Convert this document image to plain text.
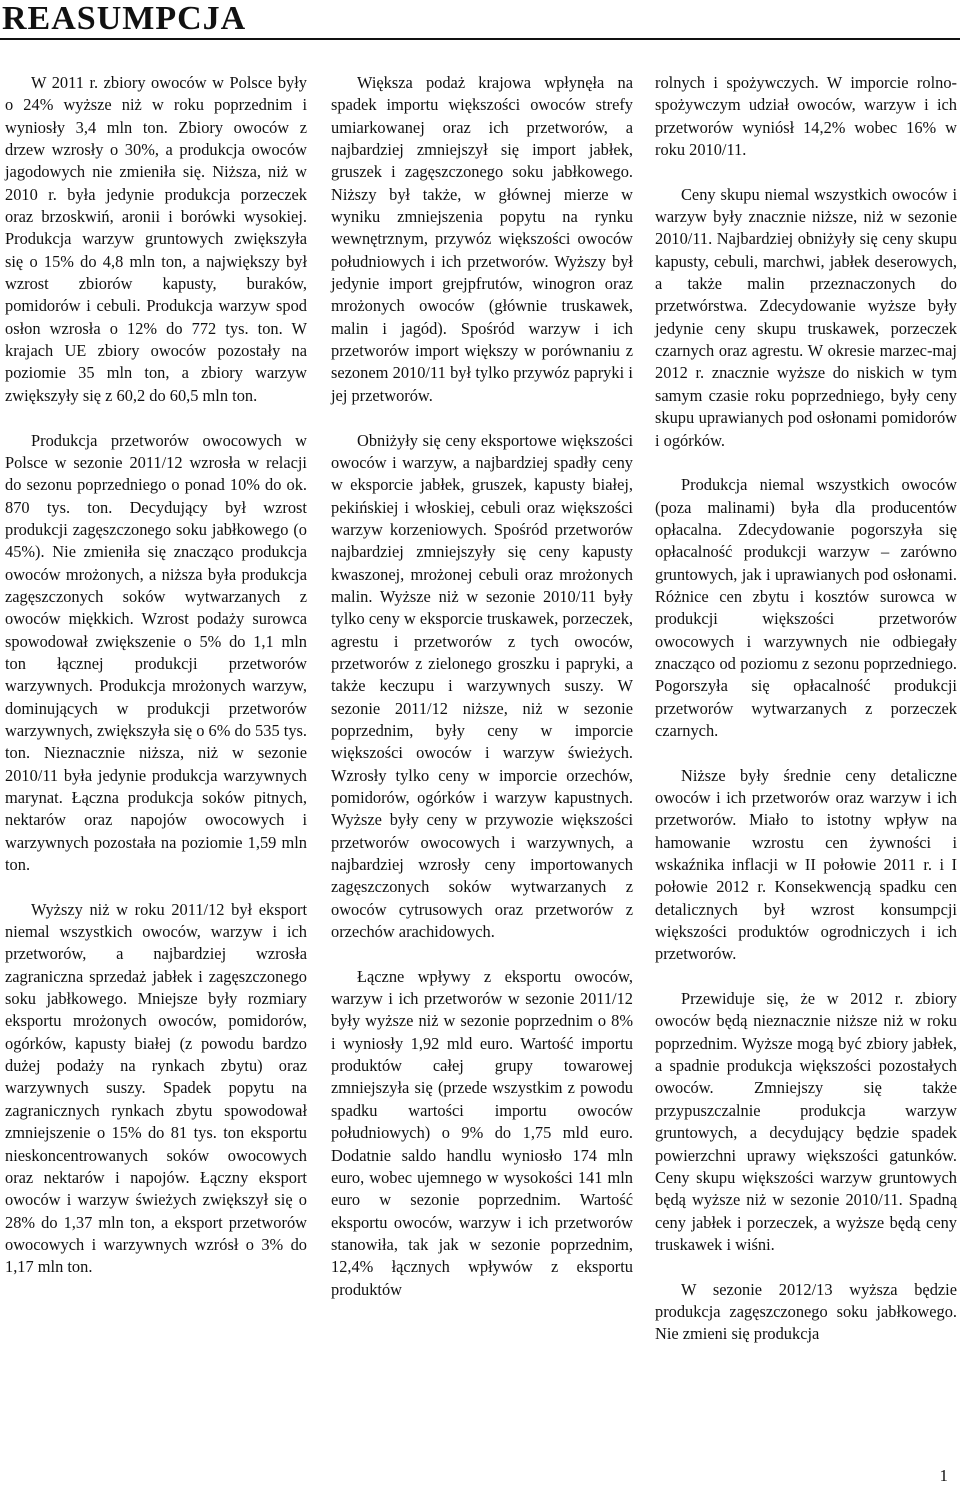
REASUMPCJA

W 2011 r. zbiory owoców w Polsce były o 24% wyższe niż w roku poprzednim i wyniosły 3,4 mln ton. Zbiory owoców z drzew wzrosły o 30%, a produkcja owoców jagodowych nie zmieniła się. Niższa, niż w 2010 r. była jedynie produkcja porzeczek oraz brzoskwiń, aronii i borówki wysokiej. Produkcja warzyw gruntowych zwiększyła się o 15% do 4,8 mln ton, a największy był wzrost zbiorów kapusty, buraków, pomidorów i cebuli. Produkcja warzyw spod osłon wzrosła o 12% do 772 tys. ton. W krajach UE zbiory owoców pozostały na poziomie 35 mln ton, a zbiory warzyw zwiększyły się z 60,2 do 60,5 mln ton.

Produkcja przetworów owocowych w Polsce w sezonie 2011/12 wzrosła w relacji do sezonu poprzedniego o ponad 10% do ok. 870 tys. ton. Decydujący był wzrost produkcji zagęszczonego soku jabłkowego (o 45%). Nie zmieniła się znacząco produkcja owoców mrożonych, a niższa była produkcja zagęszczonych soków wytwarzanych z owoców miękkich. Wzrost podaży surowca spowodował zwiększenie o 5% do 1,1 mln ton łącznej produkcji przetworów warzywnych. Produkcja mrożonych warzyw, dominujących w produkcji przetworów warzywnych, zwiększyła się o 6% do 535 tys. ton. Nieznacznie niższa, niż w sezonie 2010/11 była jedynie produkcja warzywnych marynat. Łączna produkcja soków pitnych, nektarów oraz napojów owocowych i warzywnych pozostała na poziomie 1,59 mln ton.

Wyższy niż w roku 2011/12 był eksport niemal wszystkich owoców, warzyw i ich przetworów, a najbardziej wzrosła zagraniczna sprzedaż jabłek i zagęszczonego soku jabłkowego. Mniejsze były rozmiary eksportu mrożonych owoców, pomidorów, ogórków, kapusty białej (z powodu bardzo dużej podaży na rynkach zbytu) oraz warzywnych suszy. Spadek popytu na zagranicznych rynkach zbytu spowodował zmniejszenie o 15% do 81 tys. ton eksportu nieskoncentrowanych soków owocowych oraz nektarów i napojów. Łączny eksport owoców i warzyw świeżych zwiększył się o 28% do 1,37 mln ton, a eksport przetworów owocowych i warzywnych wzrósł o 3% do 1,17 mln ton.

Większa podaż krajowa wpłynęła na spadek importu większości owoców strefy umiarkowanej oraz ich przetworów, a najbardziej zmniejszył się import jabłek, gruszek i zagęszczonego soku jabłkowego. Niższy był także, w głównej mierze w wyniku zmniejszenia popytu na rynku wewnętrznym, przywóz większości owoców południowych i ich przetworów. Wyższy był jedynie import grejpfrutów, winogron oraz mrożonych owoców (głównie truskawek, malin i jagód). Spośród warzyw i ich przetworów import większy w porównaniu z sezonem 2010/11 był tylko przywóz papryki i jej przetworów.

Obniżyły się ceny eksportowe większości owoców i warzyw, a najbardziej spadły ceny w eksporcie jabłek, gruszek, kapusty białej, pekińskiej i włoskiej, cebuli oraz większości warzyw korzeniowych. Spośród przetworów najbardziej zmniejszyły się ceny kapusty kwaszonej, mrożonej cebuli oraz mrożonych malin. Wyższe niż w sezonie 2010/11 były tylko ceny w eksporcie truskawek, porzeczek, agrestu i przetworów z tych owoców, przetworów z zielonego groszku i papryki, a także keczupu i warzywnych suszy. W sezonie 2011/12 niższe, niż w sezonie poprzednim, były ceny w imporcie większości owoców i warzyw świeżych. Wzrosły tylko ceny w imporcie orzechów, pomidorów, ogórków i warzyw kapustnych. Wyższe były ceny w przywozie większości przetworów owocowych i warzywnych, a najbardziej wzrosły ceny importowanych zagęszczonych soków wytwarzanych z owoców cytrusowych oraz przetworów z orzechów arachidowych.

Łączne wpływy z eksportu owoców, warzyw i ich przetworów w sezonie 2011/12 były wyższe niż w sezonie poprzednim o 8% i wyniosły 1,92 mld euro. Wartość importu produktów całej grupy towarowej zmniejszyła się (przede wszystkim z powodu spadku wartości importu owoców południowych) o 9% do 1,75 mld euro. Dodatnie saldo handlu wyniosło 174 mln euro, wobec ujemnego w wysokości 141 mln euro w sezonie poprzednim. Wartość eksportu owoców, warzyw i ich przetworów stanowiła, tak jak w sezonie poprzednim, 12,4% łącznych wpływów z eksportu produktów

rolnych i spożywczych. W imporcie rolno-spożywczym udział owoców, warzyw i ich przetworów wyniósł 14,2% wobec 16% w roku 2010/11.

Ceny skupu niemal wszystkich owoców i warzyw były znacznie niższe, niż w sezonie 2010/11. Najbardziej obniżyły się ceny skupu kapusty, cebuli, marchwi, jabłek deserowych, a także malin przeznaczonych do przetwórstwa. Zdecydowanie wyższe były jedynie ceny skupu truskawek, porzeczek czarnych oraz agrestu. W okresie marzec-maj 2012 r. znacznie wyższe do niskich w tym samym czasie roku poprzedniego, były ceny skupu uprawianych pod osłonami pomidorów i ogórków.

Produkcja niemal wszystkich owoców (poza malinami) była dla producentów opłacalna. Zdecydowanie pogorszyła się opłacalność produkcji warzyw – zarówno gruntowych, jak i uprawianych pod osłonami. Różnice cen zbytu i kosztów surowca w produkcji większości przetworów owocowych i warzywnych nie odbiegały znacząco od poziomu z sezonu poprzedniego. Pogorszyła się opłacalność produkcji przetworów wytwarzanych z porzeczek czarnych.

Niższe były średnie ceny detaliczne owoców i ich przetworów oraz warzyw i ich przetworów. Miało to istotny wpływ na hamowanie wzrostu cen żywności i wskaźnika inflacji w II połowie 2011 r. i I połowie 2012 r. Konsekwencją spadku cen detalicznych był wzrost konsumpcji większości produktów ogrodniczych i ich przetworów.

Przewiduje się, że w 2012 r. zbiory owoców będą nieznacznie niższe niż w roku poprzednim. Wyższe mogą być zbiory jabłek, a spadnie produkcja większości pozostałych owoców. Zmniejszy się także przypuszczalnie produkcja warzyw gruntowych, a decydujący będzie spadek powierzchni uprawy większości gatunków. Ceny skupu większości warzyw gruntowych będą wyższe niż w sezonie 2010/11. Spadną ceny jabłek i porzeczek, a wyższe będą ceny truskawek i wiśni.

W sezonie 2012/13 wyższa będzie produkcja zagęszczonego soku jabłkowego. Nie zmieni się produkcja

1
